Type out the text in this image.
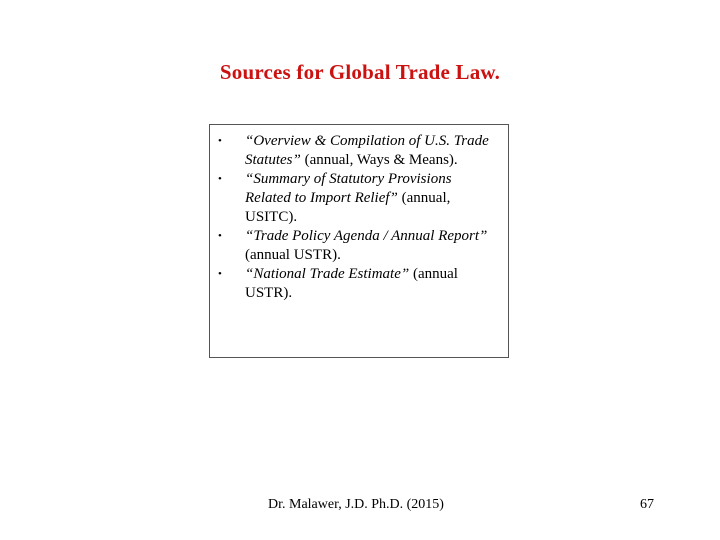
Sources for Global Trade Law.
• “Overview & Compilation of U.S. Trade Statutes” (annual, Ways & Means).
• “Summary of Statutory Provisions Related to Import Relief” (annual, USITC).
• “Trade Policy Agenda / Annual Report” (annual USTR).
• “National Trade Estimate” (annual USTR).
Dr. Malawer, J.D. Ph.D. (2015)	67
